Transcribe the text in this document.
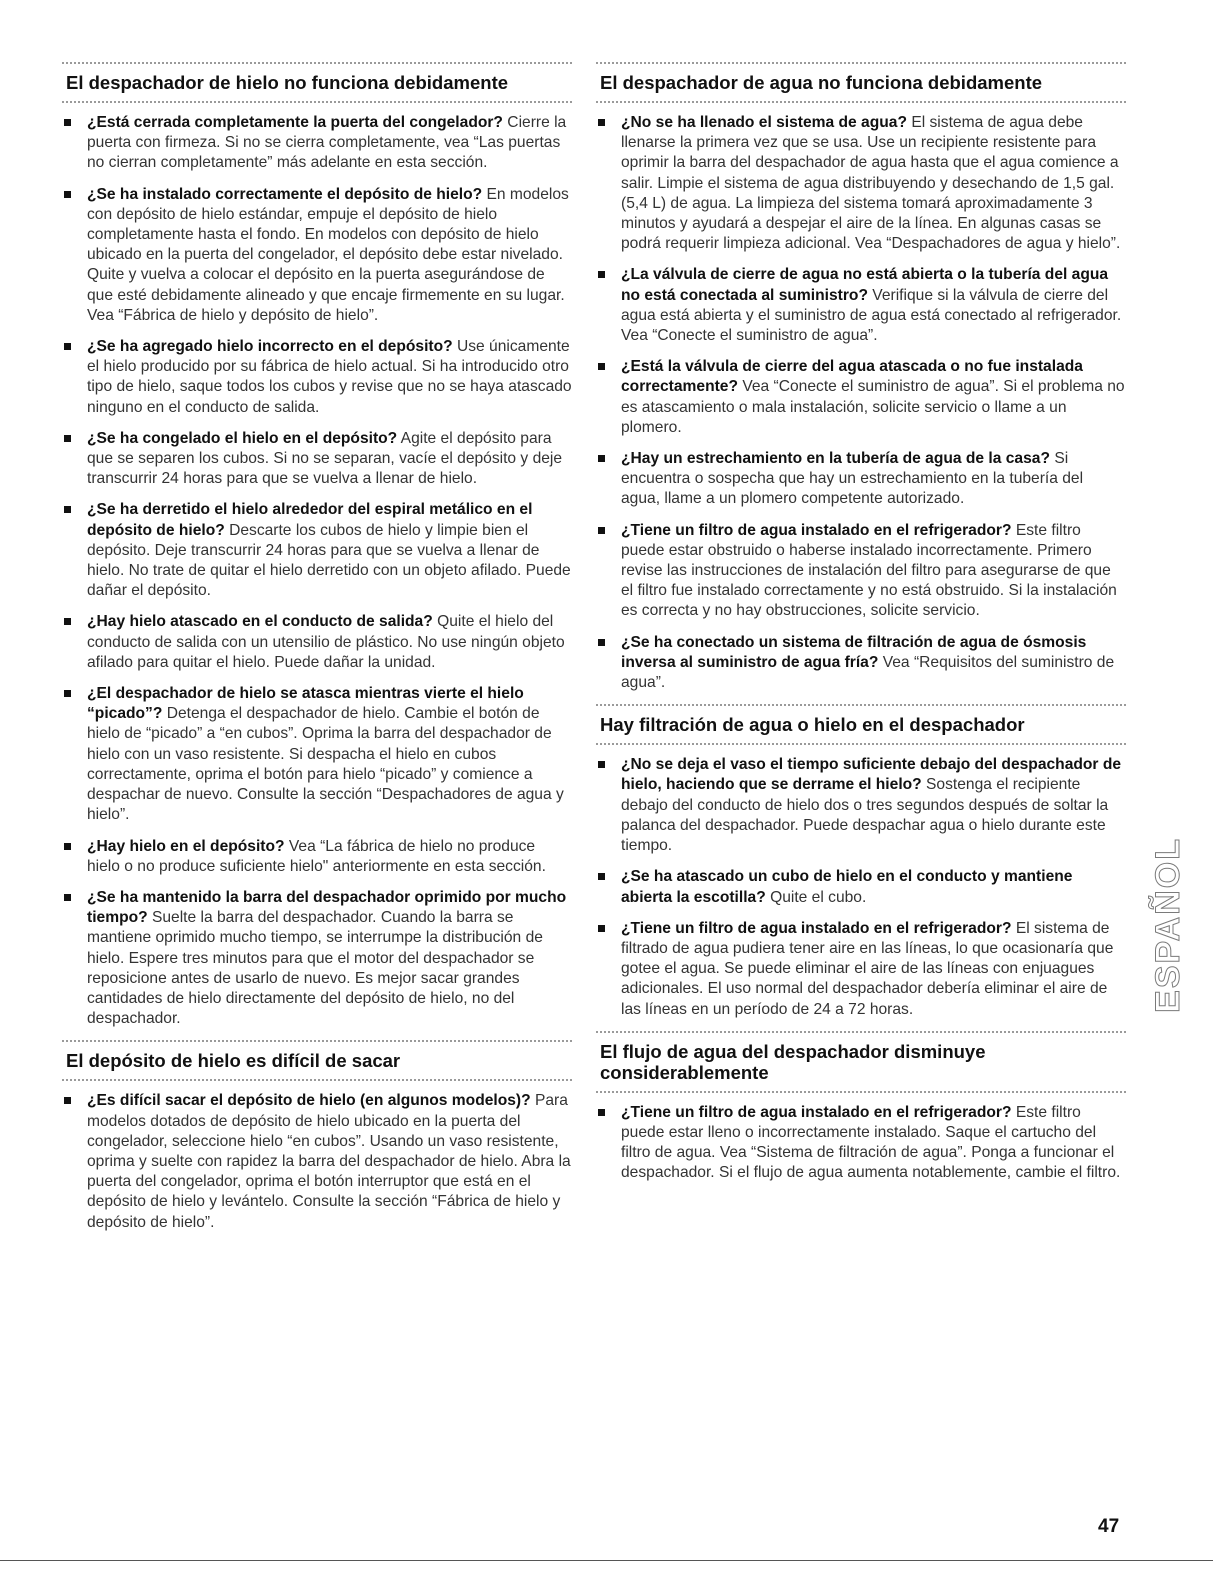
El despachador de hielo no funciona debidamente
¿Está cerrada completamente la puerta del congelador? Cierre la puerta con firmeza. Si no se cierra completamente, vea “Las puertas no cierran completamente” más adelante en esta sección.
¿Se ha instalado correctamente el depósito de hielo? En modelos con depósito de hielo estándar, empuje el depósito de hielo completamente hasta el fondo. En modelos con depósito de hielo ubicado en la puerta del congelador, el depósito debe estar nivelado. Quite y vuelva a colocar el depósito en la puerta asegurándose de que esté debidamente alineado y que encaje firmemente en su lugar. Vea “Fábrica de hielo y depósito de hielo”.
¿Se ha agregado hielo incorrecto en el depósito? Use únicamente el hielo producido por su fábrica de hielo actual. Si ha introducido otro tipo de hielo, saque todos los cubos y revise que no se haya atascado ninguno en el conducto de salida.
¿Se ha congelado el hielo en el depósito? Agite el depósito para que se separen los cubos. Si no se separan, vacíe el depósito y deje transcurrir 24 horas para que se vuelva a llenar de hielo.
¿Se ha derretido el hielo alrededor del espiral metálico en el depósito de hielo? Descarte los cubos de hielo y limpie bien el depósito. Deje transcurrir 24 horas para que se vuelva a llenar de hielo. No trate de quitar el hielo derretido con un objeto afilado. Puede dañar el depósito.
¿Hay hielo atascado en el conducto de salida? Quite el hielo del conducto de salida con un utensilio de plástico. No use ningún objeto afilado para quitar el hielo. Puede dañar la unidad.
¿El despachador de hielo se atasca mientras vierte el hielo “picado”? Detenga el despachador de hielo. Cambie el botón de hielo de “picado” a “en cubos”. Oprima la barra del despachador de hielo con un vaso resistente. Si despacha el hielo en cubos correctamente, oprima el botón para hielo “picado” y comience a despachar de nuevo. Consulte la sección “Despachadores de agua y hielo”.
¿Hay hielo en el depósito? Vea “La fábrica de hielo no produce hielo o no produce suficiente hielo" anteriormente en esta sección.
¿Se ha mantenido la barra del despachador oprimido por mucho tiempo? Suelte la barra del despachador. Cuando la barra se mantiene oprimido mucho tiempo, se interrumpe la distribución de hielo. Espere tres minutos para que el motor del despachador se reposicione antes de usarlo de nuevo. Es mejor sacar grandes cantidades de hielo directamente del depósito de hielo, no del despachador.
El depósito de hielo es difícil de sacar
¿Es difícil sacar el depósito de hielo (en algunos modelos)? Para modelos dotados de depósito de hielo ubicado en la puerta del congelador, seleccione hielo “en cubos”. Usando un vaso resistente, oprima y suelte con rapidez la barra del despachador de hielo. Abra la puerta del congelador, oprima el botón interruptor que está en el depósito de hielo y levántelo. Consulte la sección “Fábrica de hielo y depósito de hielo”.
El despachador de agua no funciona debidamente
¿No se ha llenado el sistema de agua? El sistema de agua debe llenarse la primera vez que se usa. Use un recipiente resistente para oprimir la barra del despachador de agua hasta que el agua comience a salir. Limpie el sistema de agua distribuyendo y desechando de 1,5 gal. (5,4 L) de agua. La limpieza del sistema tomará aproximadamente 3 minutos y ayudará a despejar el aire de la línea. En algunas casas se podrá requerir limpieza adicional. Vea “Despachadores de agua y hielo”.
¿La válvula de cierre de agua no está abierta o la tubería del agua no está conectada al suministro? Verifique si la válvula de cierre del agua está abierta y el suministro de agua está conectado al refrigerador. Vea “Conecte el suministro de agua”.
¿Está la válvula de cierre del agua atascada o no fue instalada correctamente? Vea “Conecte el suministro de agua”. Si el problema no es atascamiento o mala instalación, solicite servicio o llame a un plomero.
¿Hay un estrechamiento en la tubería de agua de la casa? Si encuentra o sospecha que hay un estrechamiento en la tubería del agua, llame a un plomero competente autorizado.
¿Tiene un filtro de agua instalado en el refrigerador? Este filtro puede estar obstruido o haberse instalado incorrectamente. Primero revise las instrucciones de instalación del filtro para asegurarse de que el filtro fue instalado correctamente y no está obstruido. Si la instalación es correcta y no hay obstrucciones, solicite servicio.
¿Se ha conectado un sistema de filtración de agua de ósmosis inversa al suministro de agua fría? Vea “Requisitos del suministro de agua”.
Hay filtración de agua o hielo en el despachador
¿No se deja el vaso el tiempo suficiente debajo del despachador de hielo, haciendo que se derrame el hielo? Sostenga el recipiente debajo del conducto de hielo dos o tres segundos después de soltar la palanca del despachador. Puede despachar agua o hielo durante este tiempo.
¿Se ha atascado un cubo de hielo en el conducto y mantiene abierta la escotilla? Quite el cubo.
¿Tiene un filtro de agua instalado en el refrigerador? El sistema de filtrado de agua pudiera tener aire en las líneas, lo que ocasionaría que gotee el agua. Se puede eliminar el aire de las líneas con enjuagues adicionales. El uso normal del despachador debería eliminar el aire de las líneas en un período de 24 a 72 horas.
El flujo de agua del despachador disminuye considerablemente
¿Tiene un filtro de agua instalado en el refrigerador? Este filtro puede estar lleno o incorrectamente instalado. Saque el cartucho del filtro de agua. Vea “Sistema de filtración de agua”. Ponga a funcionar el despachador. Si el flujo de agua aumenta notablemente, cambie el filtro.
ESPAÑOL
47
